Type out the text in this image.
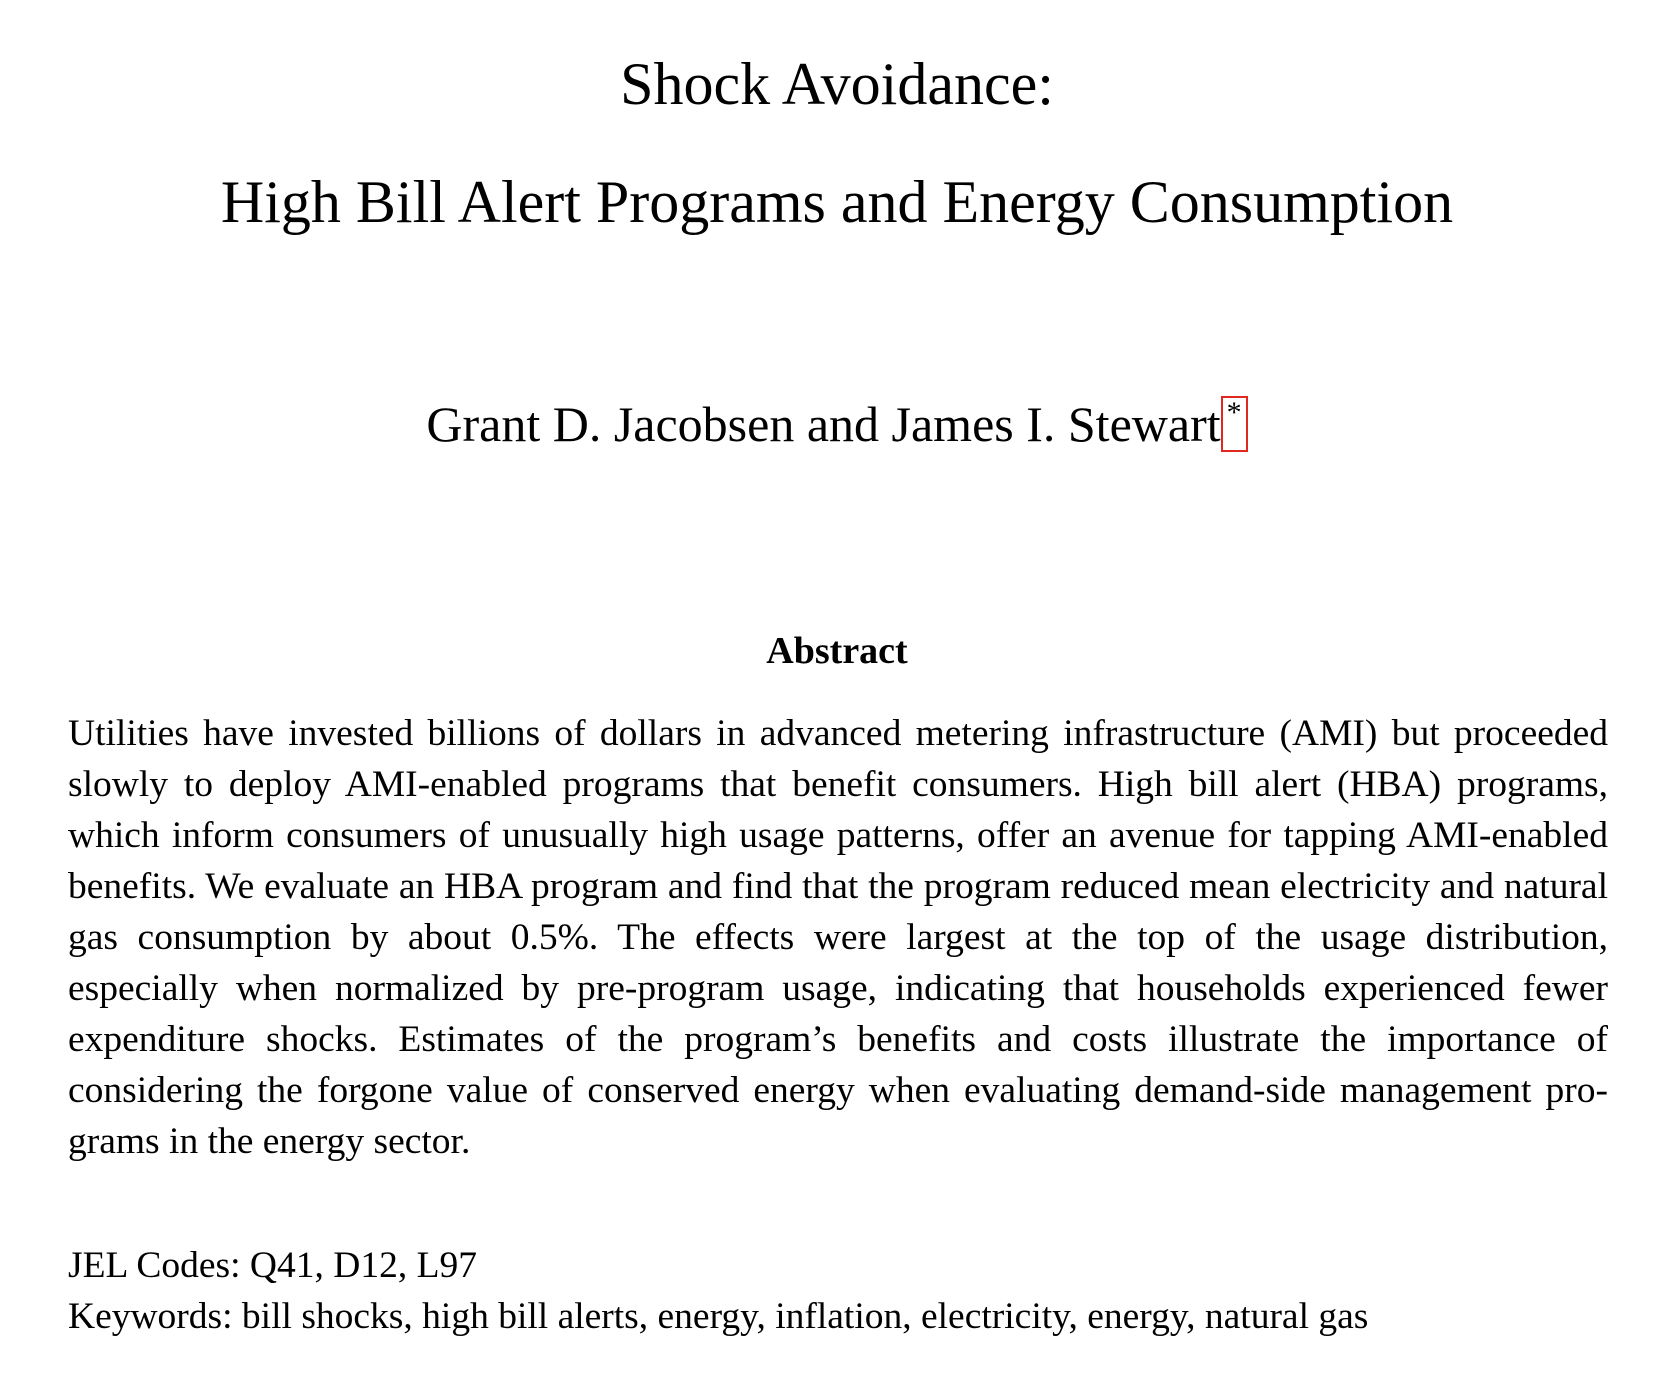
Shock Avoidance:
High Bill Alert Programs and Energy Consumption
Grant D. Jacobsen and James I. Stewart *
Abstract
Utilities have invested billions of dollars in advanced metering infrastructure (AMI) but proceeded slowly to deploy AMI-enabled programs that benefit consumers. High bill alert (HBA) programs, which inform consumers of unusually high usage patterns, offer an avenue for tapping AMI-enabled benefits. We evaluate an HBA program and find that the program reduced mean electricity and natural gas consumption by about 0.5%. The effects were largest at the top of the usage distribution, especially when normalized by pre-program usage, indicating that households experienced fewer expenditure shocks. Estimates of the program’s benefits and costs illustrate the importance of considering the forgone value of conserved energy when evaluating demand-side management programs in the energy sector.
JEL Codes: Q41, D12, L97
Keywords: bill shocks, high bill alerts, energy, inflation, electricity, energy, natural gas
